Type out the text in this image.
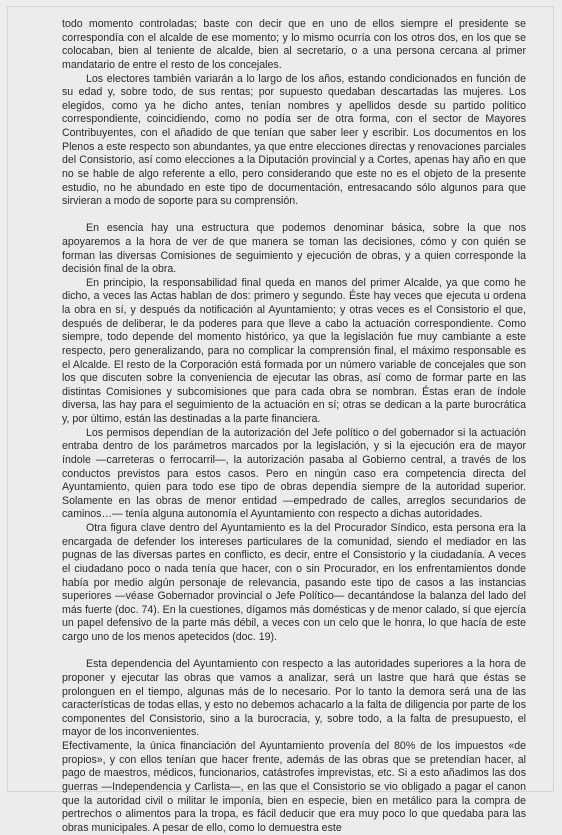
todo momento controladas; baste con decir que en uno de ellos siempre el presidente se correspondía con el alcalde de ese momento; y lo mismo ocurría con los otros dos, en los que se colocaban, bien al teniente de alcalde, bien al secretario, o a una persona cercana al primer mandatario de entre el resto de los concejales.

Los electores también variarán a lo largo de los años, estando condicionados en función de su edad y, sobre todo, de sus rentas; por supuesto quedaban descartadas las mujeres. Los elegidos, como ya he dicho antes, tenían nombres y apellidos desde su partido político correspondiente, coincidiendo, como no podía ser de otra forma, con el sector de Mayores Contribuyentes, con el añadido de que tenían que saber leer y escribir. Los documentos en los Plenos a este respecto son abundantes, ya que entre elecciones directas y renovaciones parciales del Consistorio, así como elecciones a la Diputación provincial y a Cortes, apenas hay año en que no se hable de algo referente a ello, pero considerando que este no es el objeto de la presente estudio, no he abundado en este tipo de documentación, entresacando sólo algunos para que sirvieran a modo de soporte para su comprensión.

En esencia hay una estructura que podemos denominar básica, sobre la que nos apoyaremos a la hora de ver de que manera se toman las decisiones, cómo y con quién se forman las diversas Comisiones de seguimiento y ejecución de obras, y a quien corresponde la decisión final de la obra.

En principio, la responsabilidad final queda en manos del primer Alcalde, ya que como he dicho, a veces las Actas hablan de dos: primero y segundo. Éste hay veces que ejecuta u ordena la obra en sí, y después da notificación al Ayuntamiento; y otras veces es el Consistorio el que, después de deliberar, le da poderes para que lleve a cabo la actuación correspondiente. Como siempre, todo depende del momento histórico, ya que la legislación fue muy cambiante a este respecto, pero generalizando, para no complicar la comprensión final, el máximo responsable es el Alcalde. El resto de la Corporación está formada por un número variable de concejales que son los que discuten sobre la conveniencia de ejecutar las obras, así como de formar parte en las distintas Comisiones y subcomisiones que para cada obra se nombran. Éstas eran de índole diversa, las hay para el seguimiento de la actuación en sí; otras se dedican a la parte burocrática y, por último, están las destinadas a la parte financiera.

Los permisos dependían de la autorización del Jefe político o del gobernador si la actuación entraba dentro de los parámetros marcados por la legislación, y si la ejecución era de mayor índole —carreteras o ferrocarril—, la autorización pasaba al Gobierno central, a través de los conductos previstos para estos casos. Pero en ningún caso era competencia directa del Ayuntamiento, quien para todo ese tipo de obras dependía siempre de la autoridad superior. Solamente en las obras de menor entidad —empedrado de calles, arreglos secundarios de caminos…— tenía alguna autonomía el Ayuntamiento con respecto a dichas autoridades.

Otra figura clave dentro del Ayuntamiento es la del Procurador Síndico, esta persona era la encargada de defender los intereses particulares de la comunidad, siendo el mediador en las pugnas de las diversas partes en conflicto, es decir, entre el Consistorio y la ciudadanía. A veces el ciudadano poco o nada tenía que hacer, con o sin Procurador, en los enfrentamientos donde había por medio algún personaje de relevancia, pasando este tipo de casos a las instancias superiores —véase Gobernador provincial o Jefe Político— decantándose la balanza del lado del más fuerte (doc. 74). En la cuestiones, dígamos más domésticas y de menor calado, sí que ejercía un papel defensivo de la parte más débil, a veces con un celo que le honra, lo que hacía de este cargo uno de los menos apetecidos (doc. 19).

Esta dependencia del Ayuntamiento con respecto a las autoridades superiores a la hora de proponer y ejecutar las obras que vamos a analizar, será un lastre que hará que éstas se prolonguen en el tiempo, algunas más de lo necesario. Por lo tanto la demora será una de las características de todas ellas, y esto no debemos achacarlo a la falta de diligencia por parte de los componentes del Consistorio, sino a la burocracia, y, sobre todo, a la falta de presupuesto, el mayor de los inconvenientes.

Efectivamente, la única financiación del Ayuntamiento provenía del 80% de los impuestos «de propios», y con ellos tenían que hacer frente, además de las obras que se pretendían hacer, al pago de maestros, médicos, funcionarios, catástrofes imprevistas, etc. Si a esto añadimos las dos guerras —Independencia y Carlista—, en las que el Consistorio se vio obligado a pagar el canon que la autoridad civil o militar le imponía, bien en especie, bien en metálico para la compra de pertrechos o alimentos para la tropa, es fácil deducir que era muy poco lo que quedaba para las obras municipales. A pesar de ello, como lo demuestra este
